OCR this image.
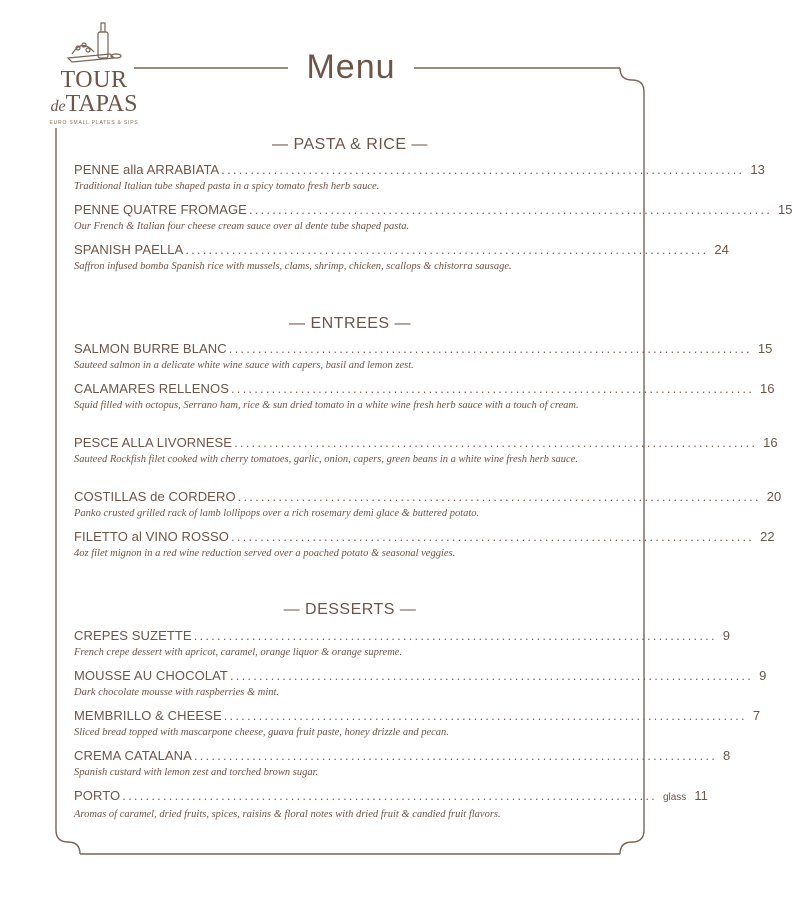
TOUR
deTAPAS
EURO SMALL PLATES & SIPS
Menu
— PASTA & RICE —
PENNE alla ARRABIATA .......................................................................................... 13
Traditional Italian tube shaped pasta in a spicy tomato fresh herb sauce.
PENNE QUATRE FROMAGE .......................................................................................... 15
Our French & Italian four cheese cream sauce over al dente tube shaped pasta.
SPANISH PAELLA .......................................................................................... 24
Saffron infused bomba Spanish rice with mussels, clams, shrimp, chicken, scallops & chistorra sausage.
— ENTREES —
SALMON BURRE BLANC .......................................................................................... 15
Sauteed salmon in a delicate white wine sauce with capers, basil and lemon zest.
CALAMARES RELLENOS .......................................................................................... 16
Squid filled with octopus, Serrano ham, rice & sun dried tomato in a white wine fresh herb sauce with a touch of cream.
PESCE ALLA LIVORNESE .......................................................................................... 16
Sauteed Rockfish filet cooked with cherry tomatoes, garlic, onion, capers, green beans in a white wine fresh herb sauce.
COSTILLAS de CORDERO .......................................................................................... 20
Panko crusted grilled rack of lamb lollipops over a rich rosemary demi glace & buttered potato.
FILETTO al VINO ROSSO .......................................................................................... 22
4oz filet mignon in a red wine reduction served over a poached potato & seasonal veggies.
— DESSERTS —
CREPES SUZETTE .......................................................................................... 9
French crepe dessert with apricot, caramel, orange liquor & orange supreme.
MOUSSE AU CHOCOLAT .......................................................................................... 9
Dark chocolate mousse with raspberries & mint.
MEMBRILLO & CHEESE .......................................................................................... 7
Sliced bread topped with mascarpone cheese, guava fruit paste, honey drizzle and pecan.
CREMA CATALANA .......................................................................................... 8
Spanish custard with lemon zest and torched brown sugar.
PORTO ............................................................................................ glass 11
Aromas of caramel, dried fruits, spices, raisins & floral notes with dried fruit & candied fruit flavors.
